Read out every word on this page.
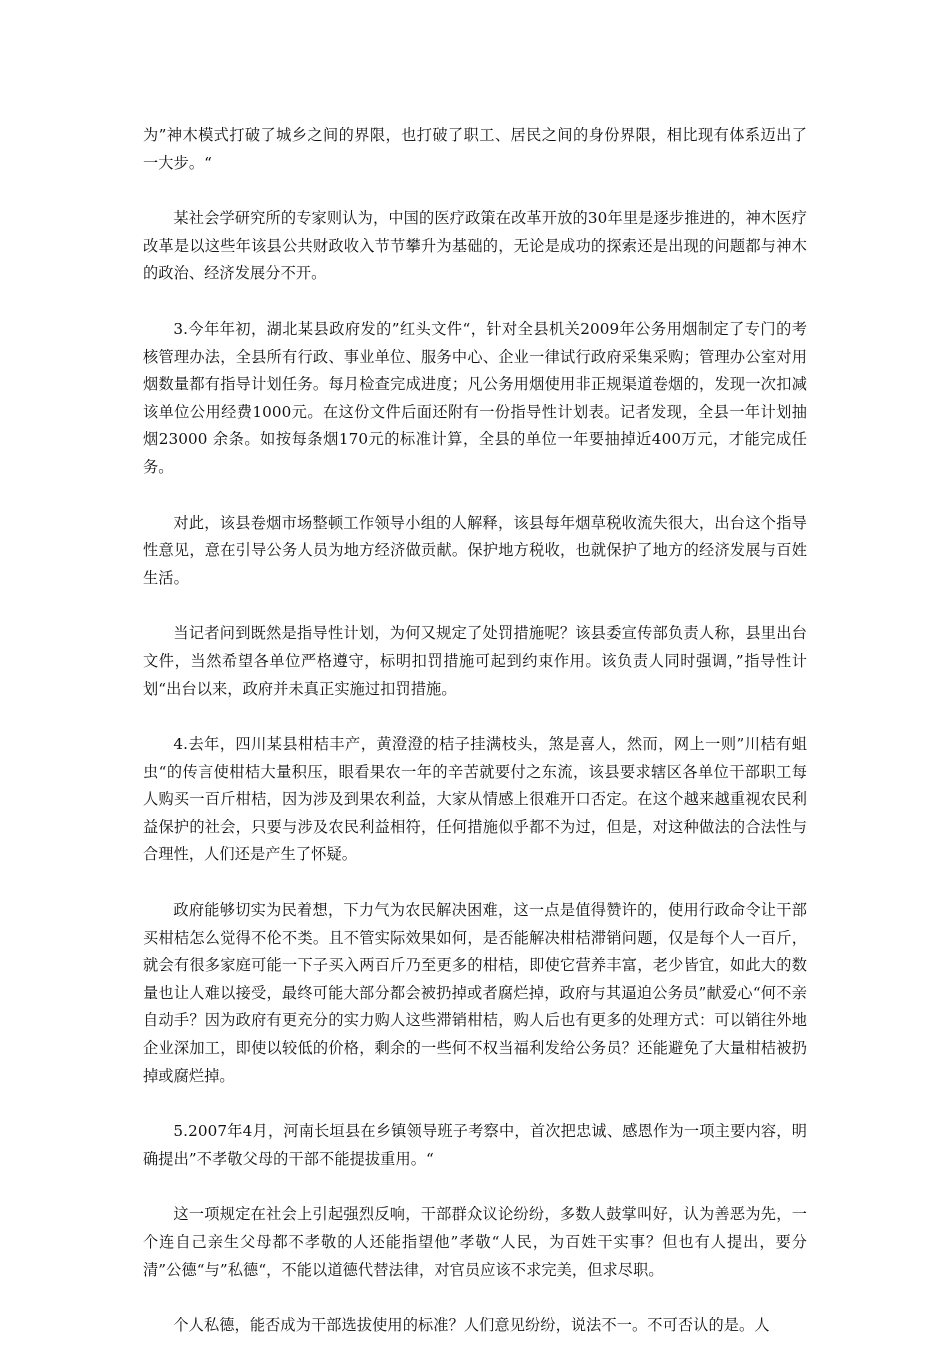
为”神木模式打破了城乡之间的界限，也打破了职工、居民之间的身份界限，相比现有体系迈出了一大步。“

某社会学研究所的专家则认为，中国的医疗政策在改革开放的30年里是逐步推进的，神木医疗改革是以这些年该县公共财政收入节节攀升为基础的，无论是成功的探索还是出现的问题都与神木的政治、经济发展分不开。

3.今年年初，湖北某县政府发的”红头文件“，针对全县机关2009年公务用烟制定了专门的考核管理办法，全县所有行政、事业单位、服务中心、企业一律试行政府采集采购；管理办公室对用烟数量都有指导计划任务。每月检查完成进度；凡公务用烟使用非正规渠道卷烟的，发现一次扣减该单位公用经费1000元。在这份文件后面还附有一份指导性计划表。记者发现，全县一年计划抽烟23000 余条。如按每条烟170元的标准计算，全县的单位一年要抽掉近400万元，才能完成任务。

对此，该县卷烟市场整顿工作领导小组的人解释，该县每年烟草税收流失很大，出台这个指导性意见，意在引导公务人员为地方经济做贡献。保护地方税收，也就保护了地方的经济发展与百姓生活。

当记者问到既然是指导性计划，为何又规定了处罚措施呢？该县委宣传部负责人称，县里出台文件，当然希望各单位严格遵守，标明扣罚措施可起到约束作用。该负责人同时强调，”指导性计划“出台以来，政府并未真正实施过扣罚措施。

4.去年，四川某县柑桔丰产，黄澄澄的桔子挂满枝头，煞是喜人，然而，网上一则”川桔有蛆虫“的传言使柑桔大量积压，眼看果农一年的辛苦就要付之东流，该县要求辖区各单位干部职工每人购买一百斤柑桔，因为涉及到果农利益，大家从情感上很难开口否定。在这个越来越重视农民利益保护的社会，只要与涉及农民利益相符，任何措施似乎都不为过，但是，对这种做法的合法性与合理性，人们还是产生了怀疑。

政府能够切实为民着想，下力气为农民解决困难，这一点是值得赞许的，使用行政命令让干部买柑桔怎么觉得不伦不类。且不管实际效果如何，是否能解决柑桔滞销问题，仅是每个人一百斤，就会有很多家庭可能一下子买入两百斤乃至更多的柑桔，即使它营养丰富，老少皆宜，如此大的数量也让人难以接受，最终可能大部分都会被扔掉或者腐烂掉，政府与其逼迫公务员”献爱心“何不亲自动手？因为政府有更充分的实力购人这些滞销柑桔，购人后也有更多的处理方式：可以销往外地企业深加工，即使以较低的价格，剩余的一些何不权当福利发给公务员？还能避免了大量柑桔被扔掉或腐烂掉。

5.2007年4月，河南长垣县在乡镇领导班子考察中，首次把忠诚、感恩作为一项主要内容，明确提出”不孝敬父母的干部不能提拔重用。“

这一项规定在社会上引起强烈反响，干部群众议论纷纷，多数人鼓掌叫好，认为善恶为先，一个连自己亲生父母都不孝敬的人还能指望他”孝敬“人民，为百姓干实事？但也有人提出，要分清”公德“与”私德“，不能以道德代替法律，对官员应该不求完美，但求尽职。

个人私德，能否成为干部选拔使用的标准？人们意见纷纷，说法不一。不可否认的是。人
